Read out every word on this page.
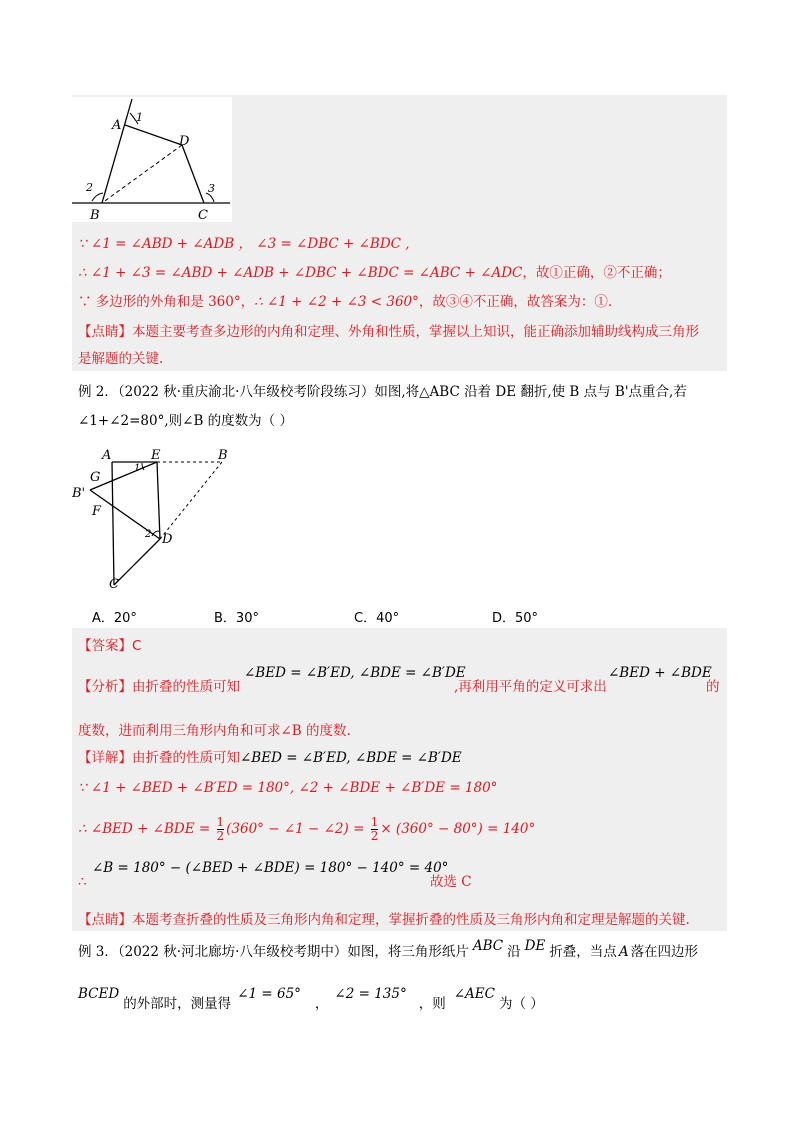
A
1
D
2	3
B	C
∵ ∠1 = ∠ABD + ∠ADB ， ∠3 = ∠DBC + ∠BDC ,
∴ ∠1 + ∠3 = ∠ABD + ∠ADB + ∠DBC + ∠BDC = ∠ABC + ∠ADC，故①正确，②不正确；
∵ 多边形的外角和是 360°，∴ ∠1 + ∠2 + ∠3 < 360°，故③④不正确，故答案为：①.
【点睛】本题主要考查多边形的内角和定理、外角和性质，掌握以上知识，能正确添加辅助线构成三角形
是解题的关键.
例 2．（2022 秋·重庆渝北·八年级校考阶段练习）如图,将△ABC 沿着 DE 翻折,使 B 点与 B'点重合,若
∠1+∠2=80°,则∠B 的度数为（ ）
A	E	B
G
1
B'
F
2 D
C
A．20°	B．30°	C．40°	D．50°
【答案】C
【分析】由折叠的性质可知
∠BED = ∠B′ED, ∠BDE = ∠B′DE
,再利用平角的定义可求出
∠BED + ∠BDE
的
度数，进而利用三角形内角和可求∠B 的度数.
【详解】由折叠的性质可知∠BED = ∠B′ED, ∠BDE = ∠B′DE
∵ ∠1 + ∠BED + ∠B′ED = 180°, ∠2 + ∠BDE + ∠B′DE = 180°
∴ ∠BED + ∠BDE = $\frac{1}{2} (360^\circ$ − ∠1 − ∠2) = $\frac{1}{2} \times (360^\circ - 80^\circ) = 140^\circ$
∠B = 180° − (∠BED + ∠BDE) = 180° − 140° = 40°
∴	故选 C
【点睛】本题考查折叠的性质及三角形内角和定理，掌握折叠的性质及三角形内角和定理是解题的关键.
例 3．（2022 秋·河北廊坊·八年级校考期中）如图，将三角形纸片 ABC 沿 DE 折叠，当点 A 落在四边形
BCED的外部时，测量得∠1 = 65°，∠2 = 135°，则∠AEC为（ ）
